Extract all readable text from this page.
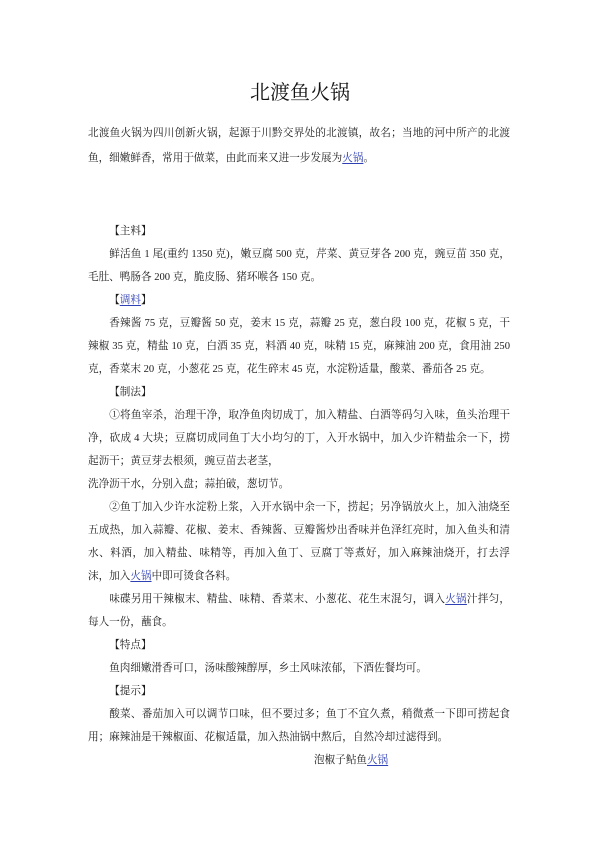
北渡鱼火锅
北渡鱼火锅为四川创新火锅，起源于川黔交界处的北渡镇，故名；当地的河中所产的北渡
鱼，细嫩鲜香，常用于做菜，由此而来又进一步发展为火锅。
【主料】
鲜活鱼 1 尾(重约 1350 克)，嫩豆腐 500 克，芹菜、黄豆芽各 200 克，豌豆苗 350 克，
毛肚、鸭肠各 200 克，脆皮肠、猪环喉各 150 克。
【调料】
香辣酱 75 克，豆瓣酱 50 克，姜末 15 克，蒜瓣 25 克，葱白段 100 克，花椒 5 克，干
辣椒 35 克，精盐 10 克，白酒 35 克，料酒 40 克，味精 15 克，麻辣油 200 克，食用油 250
克，香菜末 20 克，小葱花 25 克，花生碎末 45 克，水淀粉适量，酸菜、番茄各 25 克。
【制法】
①将鱼宰杀，治理干净，取净鱼肉切成丁，加入精盐、白酒等码匀入味，鱼头治理干
净，砍成 4 大块；豆腐切成同鱼丁大小均匀的丁，入开水锅中，加入少许精盐余一下，捞
起沥干；黄豆芽去根须，豌豆苗去老茎，
洗净沥干水，分别入盘；蒜拍破，葱切节。
②鱼丁加入少许水淀粉上浆，入开水锅中余一下，捞起；另净锅放火上，加入油烧至
五成热，加入蒜瓣、花椒、姜末、香辣酱、豆瓣酱炒出香味并色泽红亮时，加入鱼头和清
水、料酒，加入精盐、味精等，再加入鱼丁、豆腐丁等煮好，加入麻辣油烧开，打去浮
沫，加入火锅中即可烫食各料。
味碟另用干辣椒末、精盐、味精、香菜末、小葱花、花生末混匀，调入火锅汁拌匀，
每人一份，蘸食。
【特点】
鱼肉细嫩滑香可口，汤味酸辣醇厚，乡土风味浓郁，下酒佐餐均可。
【提示】
酸菜、番茄加入可以调节口味，但不要过多；鱼丁不宜久煮，稍微煮一下即可捞起食
用；麻辣油是干辣椒面、花椒适量，加入热油锅中熬后，自然冷却过滤得到。
泡椒子鲇鱼火锅
